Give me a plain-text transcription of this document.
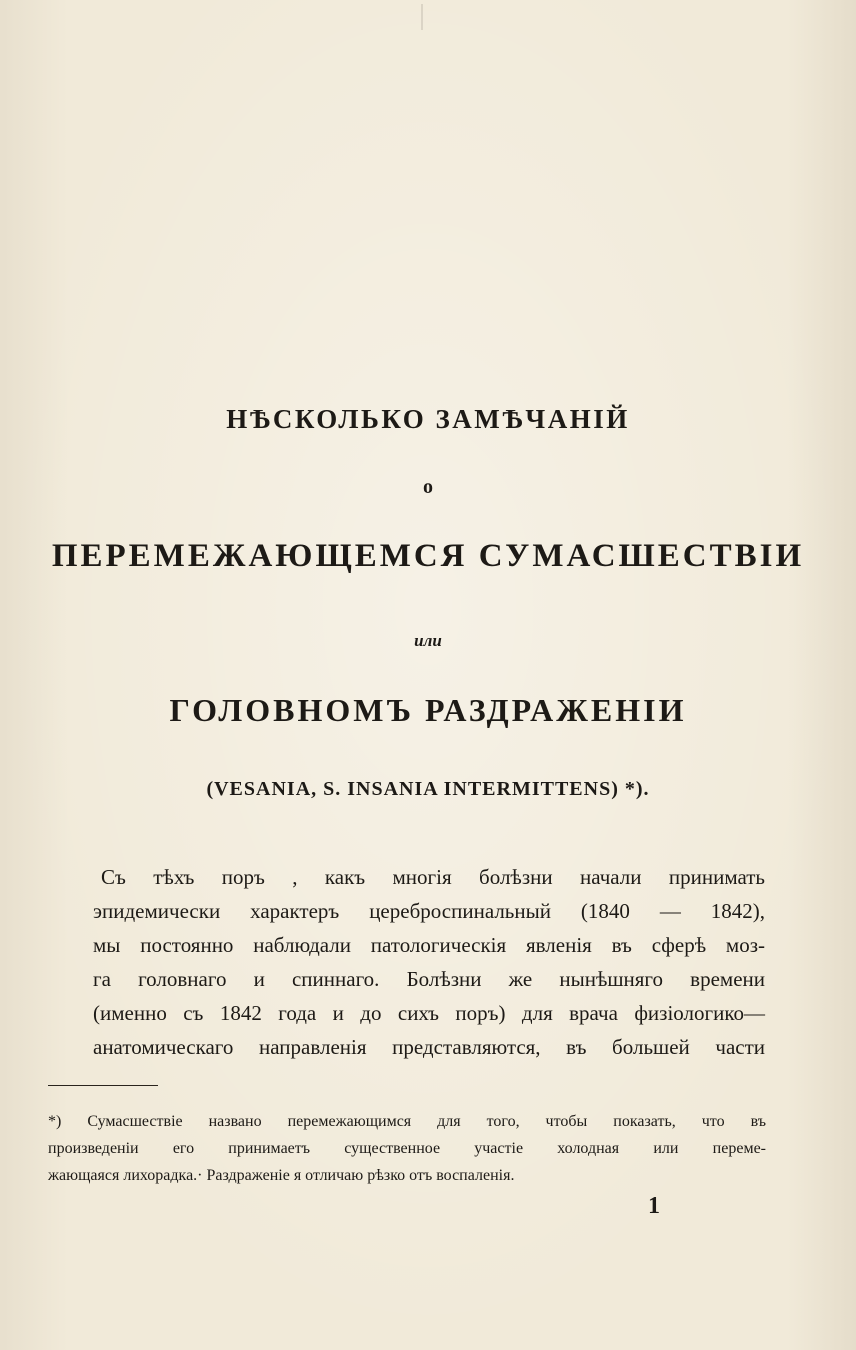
НѢСКОЛЬКО ЗАМѢЧАНІЙ
о
ПЕРЕМЕЖАЮЩЕМСЯ СУМАСШЕСТВІИ
или
ГОЛОВНОМЪ РАЗДРАЖЕНІИ
(VESANIA, S. INSANIA INTERMITTENS) *).
Съ тѣхъ поръ , какъ многія болѣзни начали принимать
эпидемически характеръ цереброспинальный (1840 — 1842),
мы постоянно наблюдали патологическія явленія въ сферѣ моз-
га головнаго и спиннаго. Болѣзни же нынѣшняго времени
(именно съ 1842 года и до сихъ поръ) для врача физіологико—
анатомическаго направленія представляются, въ большей части
*) Сумасшествіе названо перемежающимся для того, чтобы показать, что въ
произведеніи его принимаетъ существенное участіе холодная или переме-
жающаяся лихорадка.· Раздраженіе я отличаю рѣзко отъ воспаленія.
1
